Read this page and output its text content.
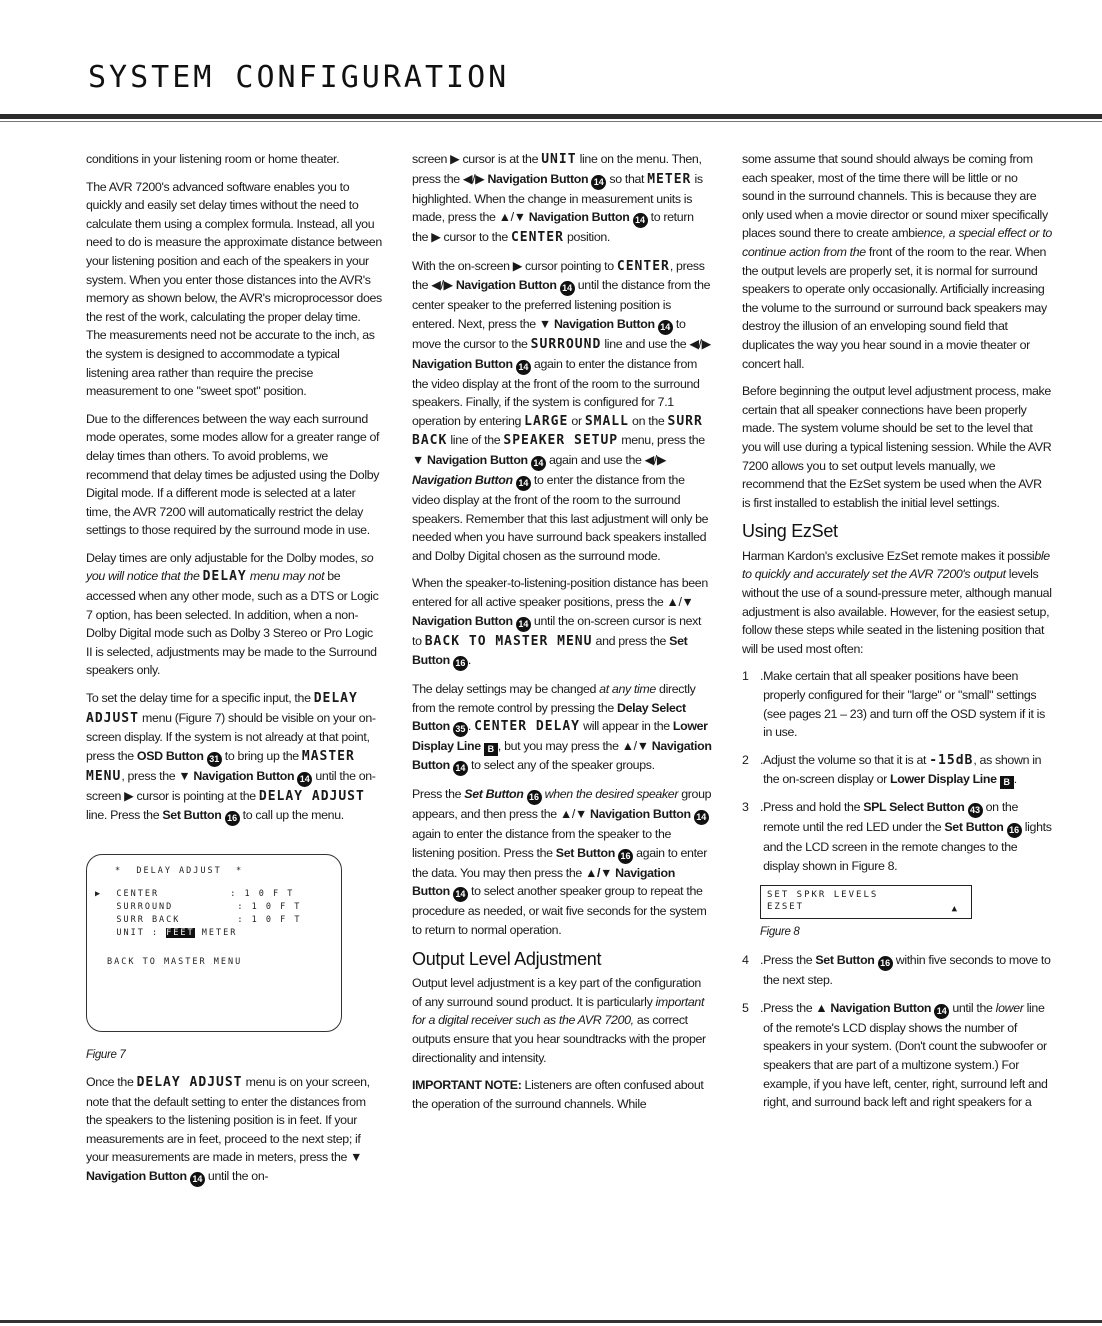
SYSTEM CONFIGURATION

conditions in your listening room or home theater.

The AVR 7200's advanced software enables you to quickly and easily set delay times without the need to calculate them using a complex formula. Instead, all you need to do is measure the approximate distance between your listening position and each of the speakers in your system. When you enter those distances into the AVR's memory as shown below, the AVR's microprocessor does the rest of the work, calculating the proper delay time. The measurements need not be accurate to the inch, as the system is designed to accommodate a typical listening area rather than require the precise measurement to one "sweet spot" position.

Due to the differences between the way each surround mode operates, some modes allow for a greater range of delay times than others. To avoid problems, we recommend that delay times be adjusted using the Dolby Digital mode. If a different mode is selected at a later time, the AVR 7200 will automatically restrict the delay settings to those required by the surround mode in use.

Delay times are only adjustable for the Dolby modes, so you will notice that the DELAY menu may not be accessed when any other mode, such as a DTS or Logic 7 option, has been selected. In addition, when a non-Dolby Digital mode such as Dolby 3 Stereo or Pro Logic II is selected, adjustments may be made to the Surround speakers only.

To set the delay time for a specific input, the DELAY ADJUST menu (Figure 7) should be visible on your on-screen display. If the system is not already at that point, press the OSD Button 31 to bring up the MASTER MENU, press the ▼ Navigation Button 14 until the on-screen ▶ cursor is pointing at the DELAY ADJUST line. Press the Set Button 16 to call up the menu.

*  DELAY ADJUST  *
▶  CENTER	: 1 0 F T
SURROUND	: 1 0 F T
SURR BACK	: 1 0 F T
UNIT : FEET METER
BACK TO MASTER MENU
Figure 7

Once the DELAY ADJUST menu is on your screen, note that the default setting to enter the distances from the speakers to the listening position is in feet. If your measurements are in feet, proceed to the next step; if your measurements are made in meters, press the ▼ Navigation Button 14 until the on-

screen ▶ cursor is at the UNIT line on the menu. Then, press the ◀/▶ Navigation Button 14 so that METER is highlighted. When the change in measurement units is made, press the ▲/▼ Navigation Button 14 to return the ▶ cursor to the CENTER position.

With the on-screen ▶ cursor pointing to CENTER, press the ◀/▶ Navigation Button 14 until the distance from the center speaker to the preferred listening position is entered. Next, press the ▼ Navigation Button 14 to move the cursor to the SURROUND line and use the ◀/▶ Navigation Button 14 again to enter the distance from the video display at the front of the room to the surround speakers. Finally, if the system is configured for 7.1 operation by entering LARGE or SMALL on the SURR BACK line of the SPEAKER SETUP menu, press the ▼ Navigation Button 14 again and use the ◀/▶ Navigation Button 14 to enter the distance from the video display at the front of the room to the surround speakers. Remember that this last adjustment will only be needed when you have surround back speakers installed and Dolby Digital chosen as the surround mode.

When the speaker-to-listening-position distance has been entered for all active speaker positions, press the ▲/▼ Navigation Button 14 until the on-screen cursor is next to BACK TO MASTER MENU and press the Set Button 16 .

The delay settings may be changed at any time directly from the remote control by pressing the Delay Select Button 35 . CENTER DELAY will appear in the Lower Display Line B , but you may press the ▲/▼ Navigation Button 14 to select any of the speaker groups.

Press the Set Button 16 when the desired speaker group appears, and then press the ▲/▼ Navigation Button 14 again to enter the distance from the speaker to the listening position. Press the Set Button 16 again to enter the data. You may then press the ▲/▼ Navigation Button 14 to select another speaker group to repeat the procedure as needed, or wait five seconds for the system to return to normal operation.

Output Level Adjustment

Output level adjustment is a key part of the configuration of any surround sound product. It is particularly important for a digital receiver such as the AVR 7200, as correct outputs ensure that you hear soundtracks with the proper directionality and intensity.

IMPORTANT NOTE: Listeners are often confused about the operation of the surround channels. While

some assume that sound should always be coming from each speaker, most of the time there will be little or no sound in the surround channels. This is because they are only used when a movie director or sound mixer specifically places sound there to create ambience, a special effect or to continue action from the front of the room to the rear. When the output levels are properly set, it is normal for surround speakers to operate only occasionally. Artificially increasing the volume to the surround or surround back speakers may destroy the illusion of an enveloping sound field that duplicates the way you hear sound in a movie theater or concert hall.

Before beginning the output level adjustment process, make certain that all speaker connections have been properly made. The system volume should be set to the level that you will use during a typical listening session. While the AVR 7200 allows you to set output levels manually, we recommend that the EzSet system be used when the AVR is first installed to establish the initial level settings.

Using EzSet

Harman Kardon's exclusive EzSet remote makes it possible to quickly and accurately set the AVR 7200's output levels without the use of a sound-pressure meter, although manual adjustment is also available. However, for the easiest setup, follow these steps while seated in the listening position that will be used most often:

1 . Make certain that all speaker positions have been properly configured for their "large" or "small" settings (see pages 21 – 23) and turn off the OSD system if it is in use.
2 . Adjust the volume so that it is at -15dB, as shown in the on-screen display or Lower Display Line B .
3 . Press and hold the SPL Select Button 43 on the remote until the red LED under the Set Button 16 lights and the LCD screen in the remote changes to the display shown in Figure 8.
SET SPKR LEVELS
EZSET	▲
Figure 8
4 . Press the Set Button 16 within five seconds to move to the next step.
5 . Press the ▲ Navigation Button 14 until the lower line of the remote's LCD display shows the number of speakers in your system. (Don't count the subwoofer or speakers that are part of a multizone system.) For example, if you have left, center, right, surround left and right, and surround back left and right speakers for a
